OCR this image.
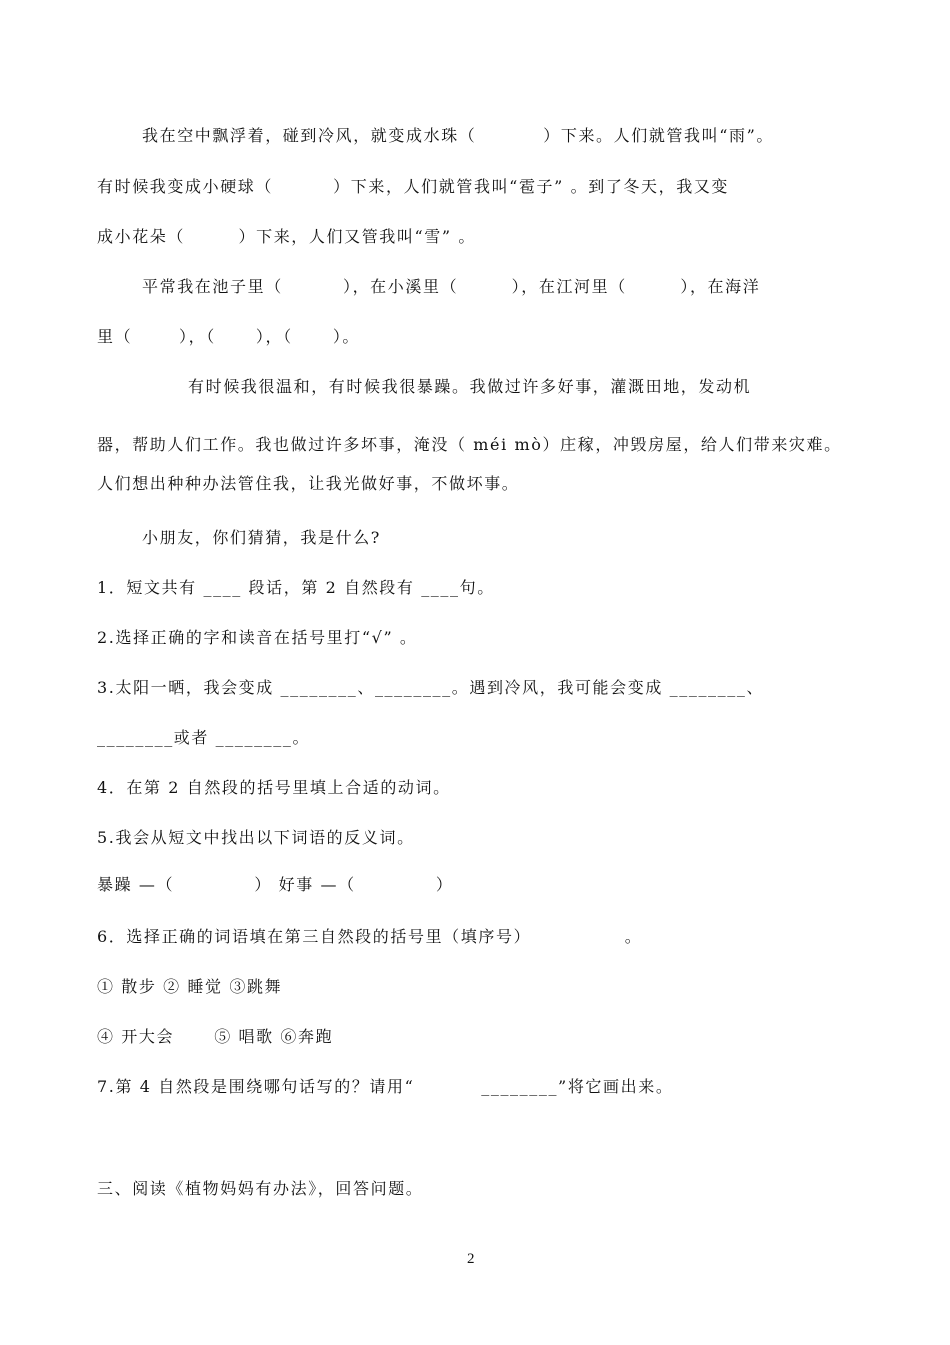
我在空中飘浮着，碰到冷风，就变成水珠（          ）下来。人们就管我叫“雨”。
有时候我变成小硬球（         ）下来，人们就管我叫“雹子” 。到了冬天，我又变
成小花朵（        ）下来，人们又管我叫“雪” 。
平常我在池子里（         ），在小溪里（        ），在江河里（        ），在海洋
里（       ），（      ），（      ）。
有时候我很温和，有时候我很暴躁。我做过许多好事，灌溉田地，发动机
器，帮助人们工作。我也做过许多坏事，淹没（ méi mò）庄稼，冲毁房屋，给人们带来灾难。
人们想出种种办法管住我，让我光做好事，不做坏事。
小朋友，你们猜猜，我是什么?
1．短文共有 ____ 段话，第 2 自然段有 ____句。
2.选择正确的字和读音在括号里打“√” 。
3.太阳一晒，我会变成 ________、________。遇到冷风，我可能会变成 ________、
________或者 ________。
4．在第 2 自然段的括号里填上合适的动词。
5.我会从短文中找出以下词语的反义词。
暴躁 —（            ） 好事 —（            ）
6．选择正确的词语填在第三自然段的括号里（填序号）              。
① 散步 ② 睡觉 ③跳舞
④ 开大会      ⑤ 唱歌 ⑥奔跑
7.第 4 自然段是围绕哪句话写的？请用“          ________”将它画出来。
三、阅读《植物妈妈有办法》，回答问题。
2
